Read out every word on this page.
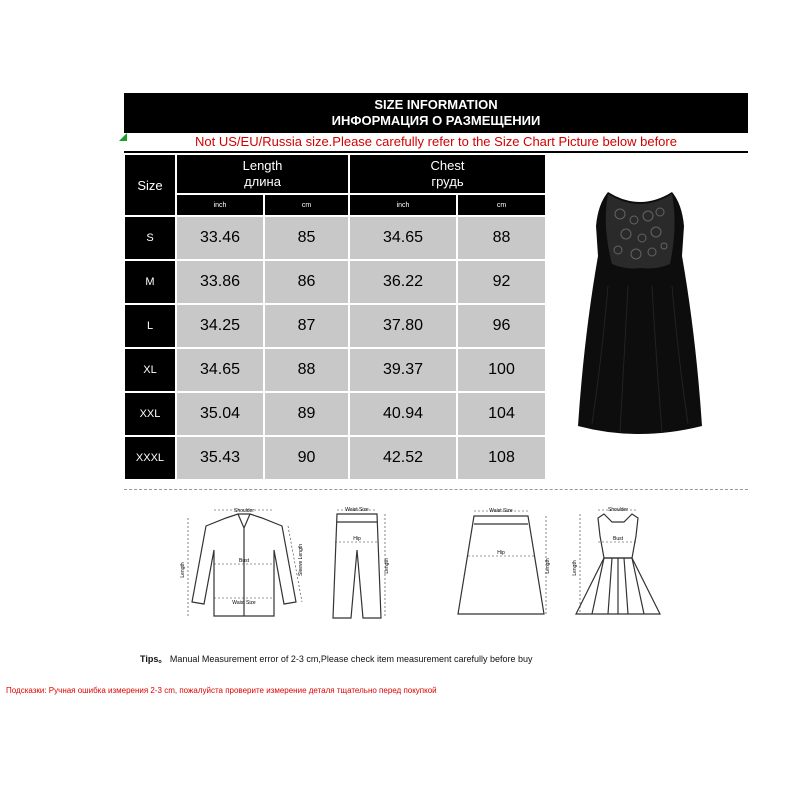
SIZE INFORMATION
ИНФОРМАЦИЯ О РАЗМЕЩЕНИИ
Not US/EU/Russia size.Please carefully refer to the Size Chart Picture below before
Size
Length
длина
inch	cm
Chest
грудь
inch	cm
S	33.46	85	34.65	88
M	33.86	86	36.22	92
L	34.25	87	37.80	96
XL	34.65	88	39.37	100
XXL	35.04	89	40.94	104
XXXL	35.43	90	42.52	108
Shoulder
Bust
Waist Size
Length	Sleeve Length
Waist Size
Hip
Length
Waist Size
Hip
Length
Shoulder
Bust
Length
Tips。 Manual Measurement error of 2-3 cm,Please check item measurement carefully before buy
Подсказки: Ручная ошибка измерения 2-3 cm, пожалуйста проверите измерение деталя тщательно перед покупкой
